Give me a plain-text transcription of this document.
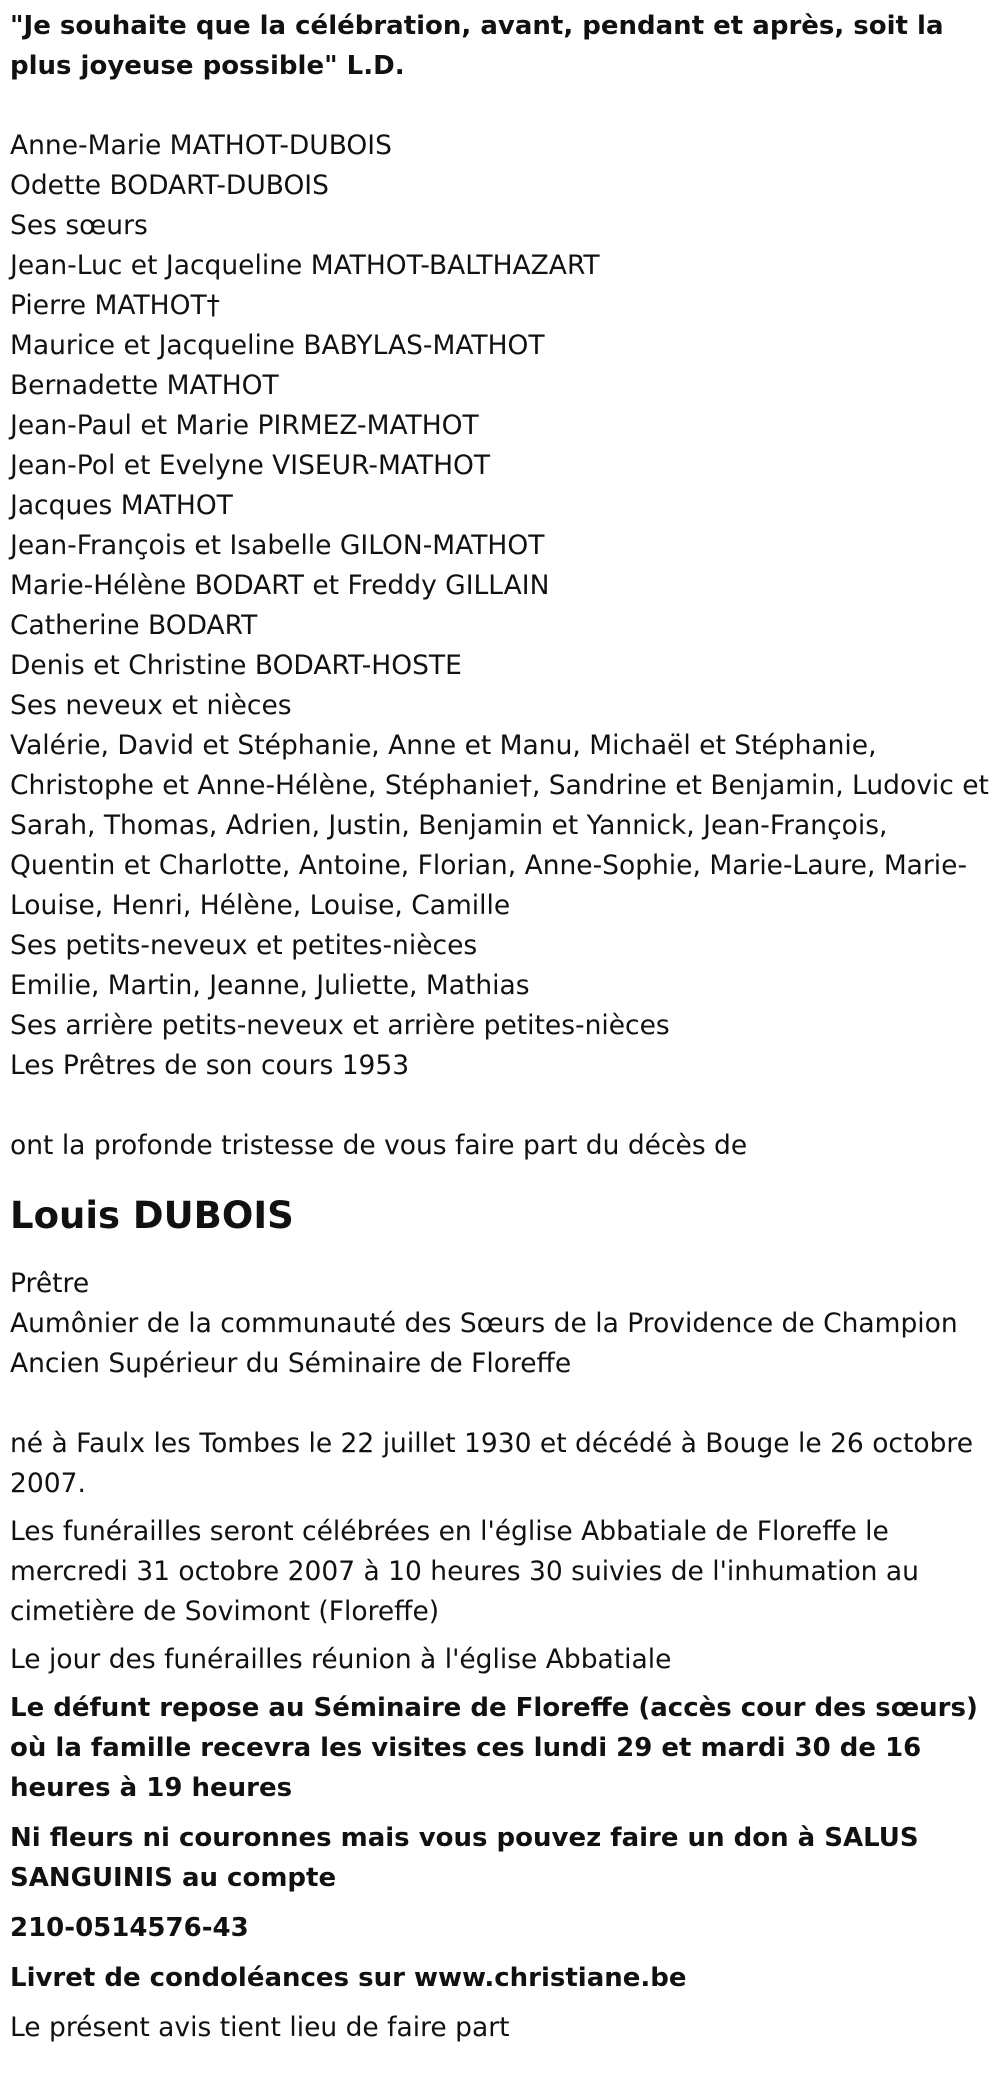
"Je souhaite que la célébration, avant, pendant et après, soit la plus joyeuse possible" L.D.

Anne-Marie MATHOT-DUBOIS

Odette BODART-DUBOIS

Ses sœurs

Jean-Luc et Jacqueline MATHOT-BALTHAZART

Pierre MATHOT†

Maurice et Jacqueline BABYLAS-MATHOT

Bernadette MATHOT

Jean-Paul et Marie PIRMEZ-MATHOT

Jean-Pol et Evelyne VISEUR-MATHOT

Jacques MATHOT

Jean-François et Isabelle GILON-MATHOT

Marie-Hélène BODART et Freddy GILLAIN

Catherine BODART

Denis et Christine BODART-HOSTE

Ses neveux et nièces

Valérie, David et Stéphanie, Anne et Manu, Michaël et Stéphanie, Christophe et Anne-Hélène, Stéphanie†, Sandrine et Benjamin, Ludovic et Sarah, Thomas, Adrien, Justin, Benjamin et Yannick, Jean-François, Quentin et Charlotte, Antoine, Florian, Anne-Sophie, Marie-Laure, Marie-Louise, Henri, Hélène, Louise, Camille

Ses petits-neveux et petites-nièces

Emilie, Martin, Jeanne, Juliette, Mathias

Ses arrière petits-neveux et arrière petites-nièces

Les Prêtres de son cours 1953

ont la profonde tristesse de vous faire part du décès de

Louis DUBOIS

Prêtre

Aumônier de la communauté des Sœurs de la Providence de Champion

Ancien Supérieur du Séminaire de Floreffe

né à Faulx les Tombes le 22 juillet 1930 et décédé à Bouge le 26 octobre 2007.

Les funérailles seront célébrées en l'église Abbatiale de Floreffe le mercredi 31 octobre 2007 à 10 heures 30 suivies de l'inhumation au cimetière de Sovimont (Floreffe)

Le jour des funérailles réunion à l'église Abbatiale

Le défunt repose au Séminaire de Floreffe (accès cour des sœurs) où la famille recevra les visites ces lundi 29 et mardi 30 de 16 heures à 19 heures

Ni fleurs ni couronnes mais vous pouvez faire un don à SALUS SANGUINIS au compte

210-0514576-43

Livret de condoléances sur www.christiane.be

Le présent avis tient lieu de faire part
